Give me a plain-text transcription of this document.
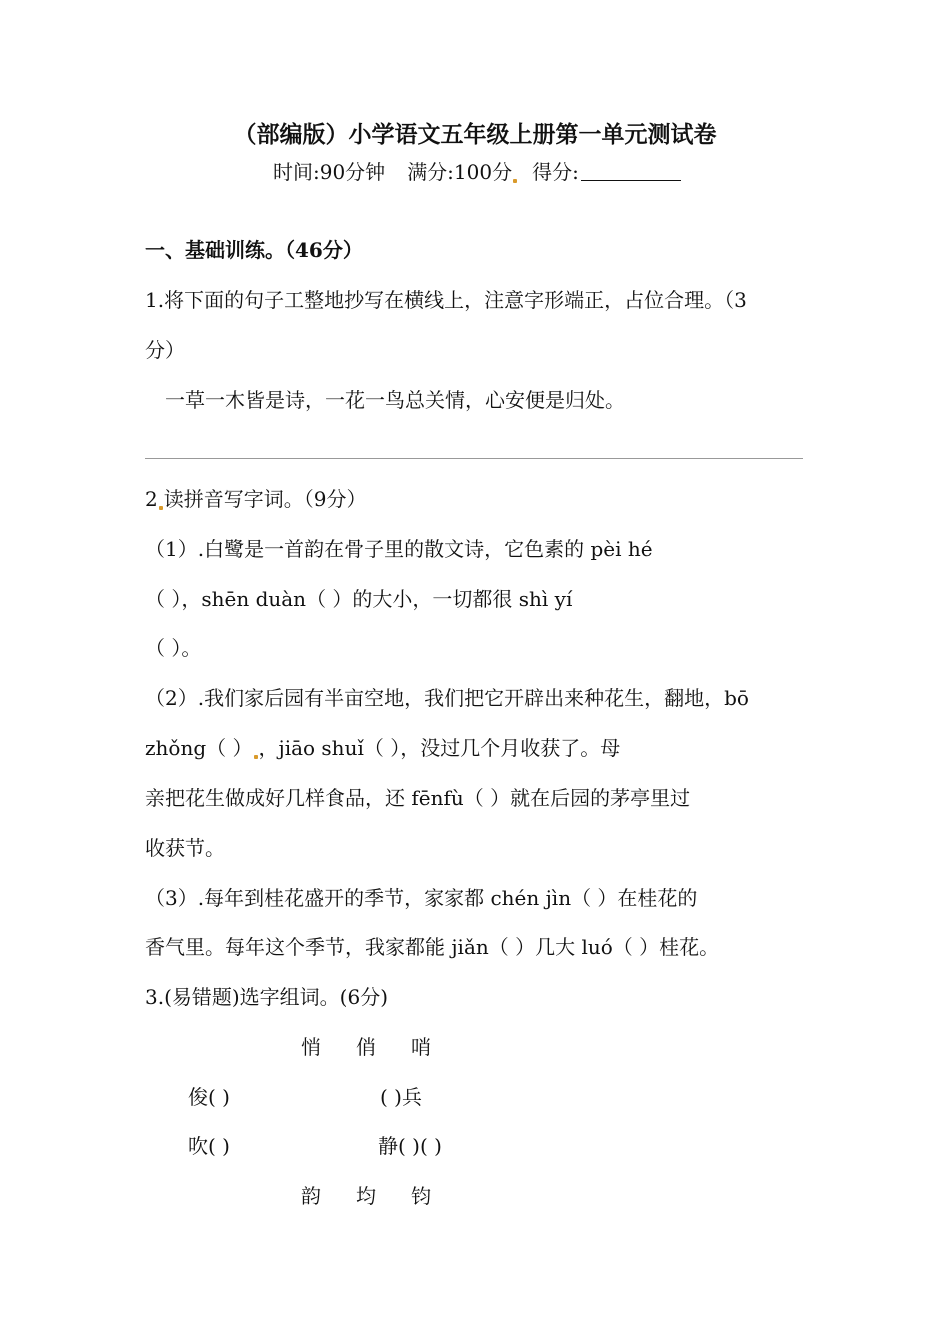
（部编版）小学语文五年级上册第一单元测试卷
时间:90分钟 满分:100分 得分:
一、基础训练。（46分）
1.将下面的句子工整地抄写在横线上，注意字形端正，占位合理。（3
分）
一草一木皆是诗，一花一鸟总关情，心安便是归处。
2 读拼音写字词。（9分）
（1）.白鹭是一首韵在骨子里的散文诗，它色素的 pèi hé
（ ），shēn duàn（ ）的大小，一切都很 shì yí
（ ）。
（2）.我们家后园有半亩空地，我们把它开辟出来种花生，翻地，bō
zhǒng（ ） ，jiāo shuǐ（ ），没过几个月收获了。母
亲把花生做成好几样食品，还 fēnfù（ ）就在后园的茅亭里过
收获节。
（3）.每年到桂花盛开的季节，家家都 chén jìn（ ）在桂花的
香气里。每年这个季节，我家都能 jiǎn（ ）几大 luó（ ）桂花。
3.(易错题)选字组词。(6分)
悄 俏 哨
俊( )	( )兵
吹( )	静( )( )
韵 均 钧
